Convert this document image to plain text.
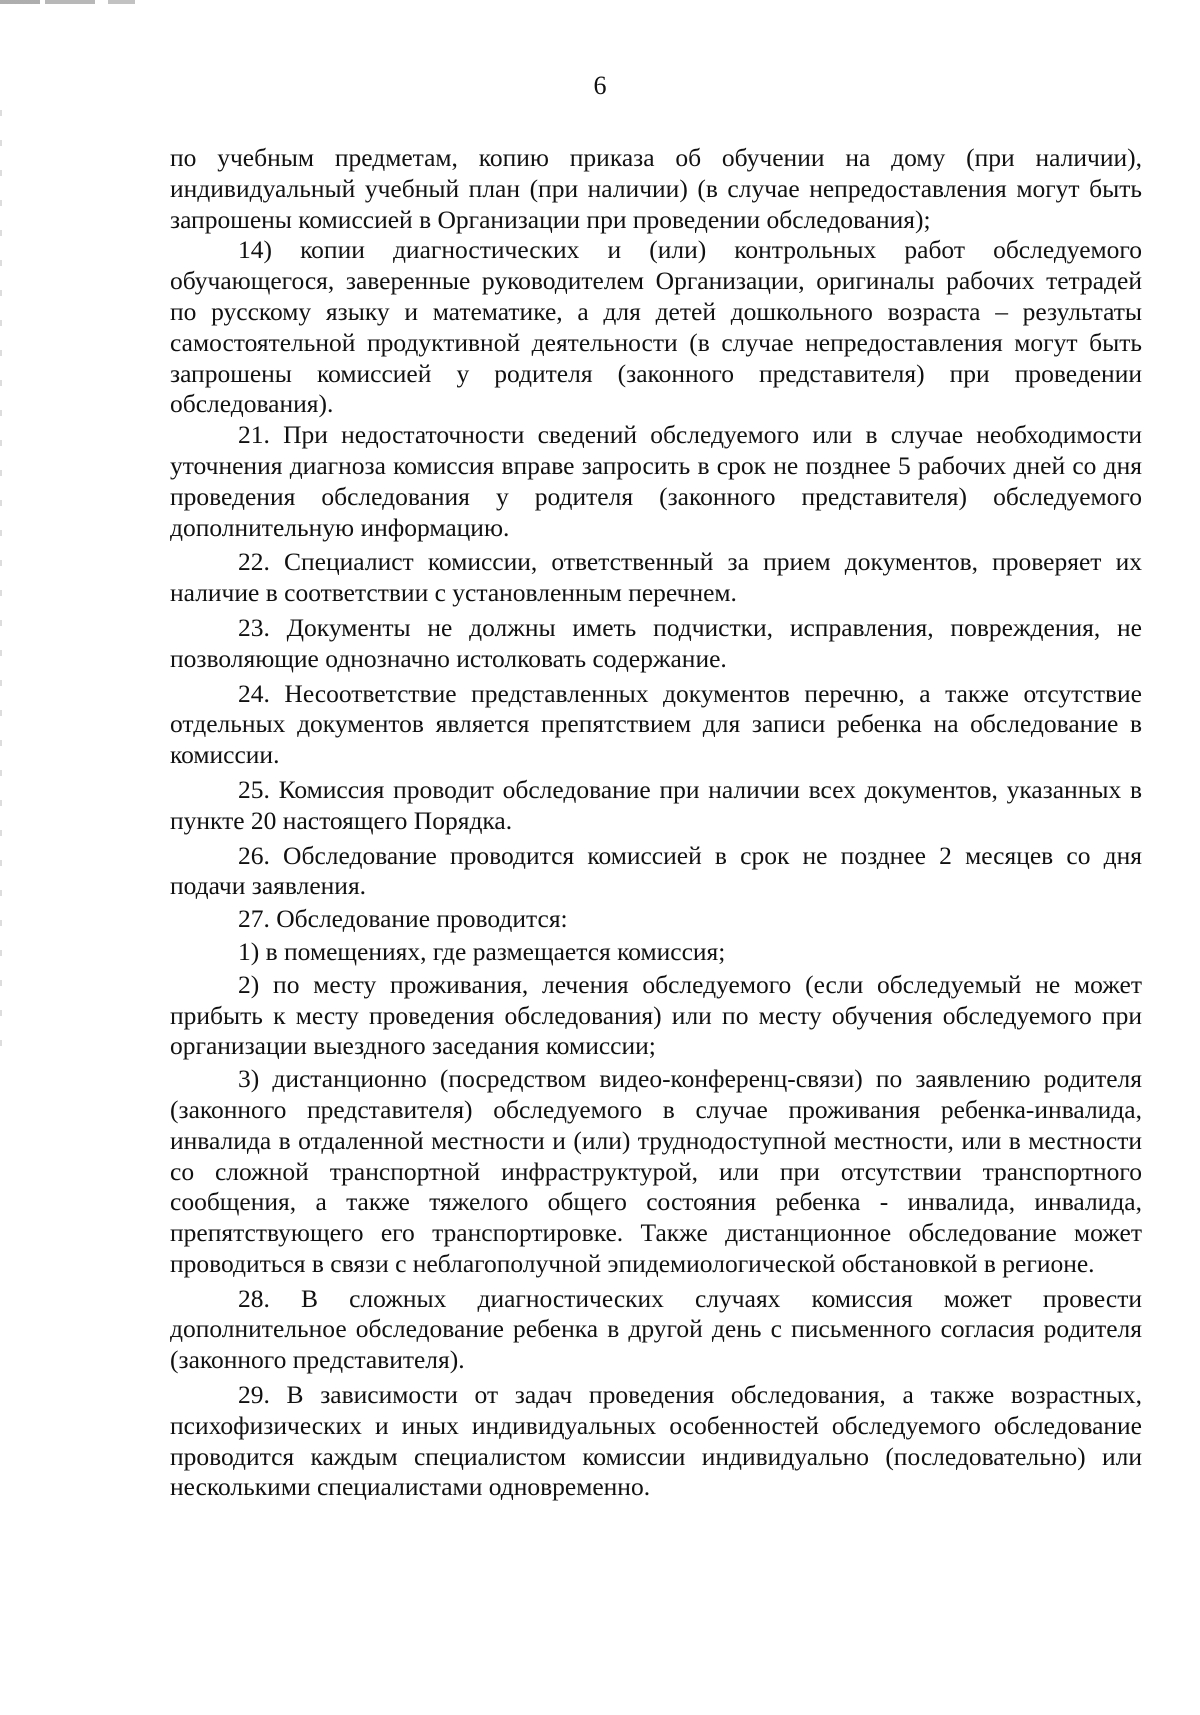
6

по учебным предметам, копию приказа об обучении на дому (при наличии), индивидуальный учебный план (при наличии) (в случае непредоставления могут быть запрошены комиссией в Организации при проведении обследования);

14) копии диагностических и (или) контрольных работ обследуемого обучающегося, заверенные руководителем Организации, оригиналы рабочих тетрадей по русскому языку и математике, а для детей дошкольного возраста – результаты самостоятельной продуктивной деятельности (в случае непредоставления могут быть запрошены комиссией у родителя (законного представителя) при проведении обследования).

21. При недостаточности сведений обследуемого или в случае необходимости уточнения диагноза комиссия вправе запросить в срок не позднее 5 рабочих дней со дня проведения обследования у родителя (законного представителя) обследуемого дополнительную информацию.

22. Специалист комиссии, ответственный за прием документов, проверяет их наличие в соответствии с установленным перечнем.

23. Документы не должны иметь подчистки, исправления, повреждения, не позволяющие однозначно истолковать содержание.

24. Несоответствие представленных документов перечню, а также отсутствие отдельных документов является препятствием для записи ребенка на обследование в комиссии.

25. Комиссия проводит обследование при наличии всех документов, указанных в пункте 20 настоящего Порядка.

26. Обследование проводится комиссией в срок не позднее 2 месяцев со дня подачи заявления.

27. Обследование проводится:

1) в помещениях, где размещается комиссия;

2) по месту проживания, лечения обследуемого (если обследуемый не может прибыть к месту проведения обследования) или по месту обучения обследуемого при организации выездного заседания комиссии;

3) дистанционно (посредством видео-конференц-связи) по заявлению родителя (законного представителя) обследуемого в случае проживания ребенка-инвалида, инвалида в отдаленной местности и (или) труднодоступной местности, или в местности со сложной транспортной инфраструктурой, или при отсутствии транспортного сообщения, а также тяжелого общего состояния ребенка - инвалида, инвалида, препятствующего его транспортировке. Также дистанционное обследование может проводиться в связи с неблагополучной эпидемиологической обстановкой в регионе.

28. В сложных диагностических случаях комиссия может провести дополнительное обследование ребенка в другой день с письменного согласия родителя (законного представителя).

29. В зависимости от задач проведения обследования, а также возрастных, психофизических и иных индивидуальных особенностей обследуемого обследование проводится каждым специалистом комиссии индивидуально (последовательно) или несколькими специалистами одновременно.
